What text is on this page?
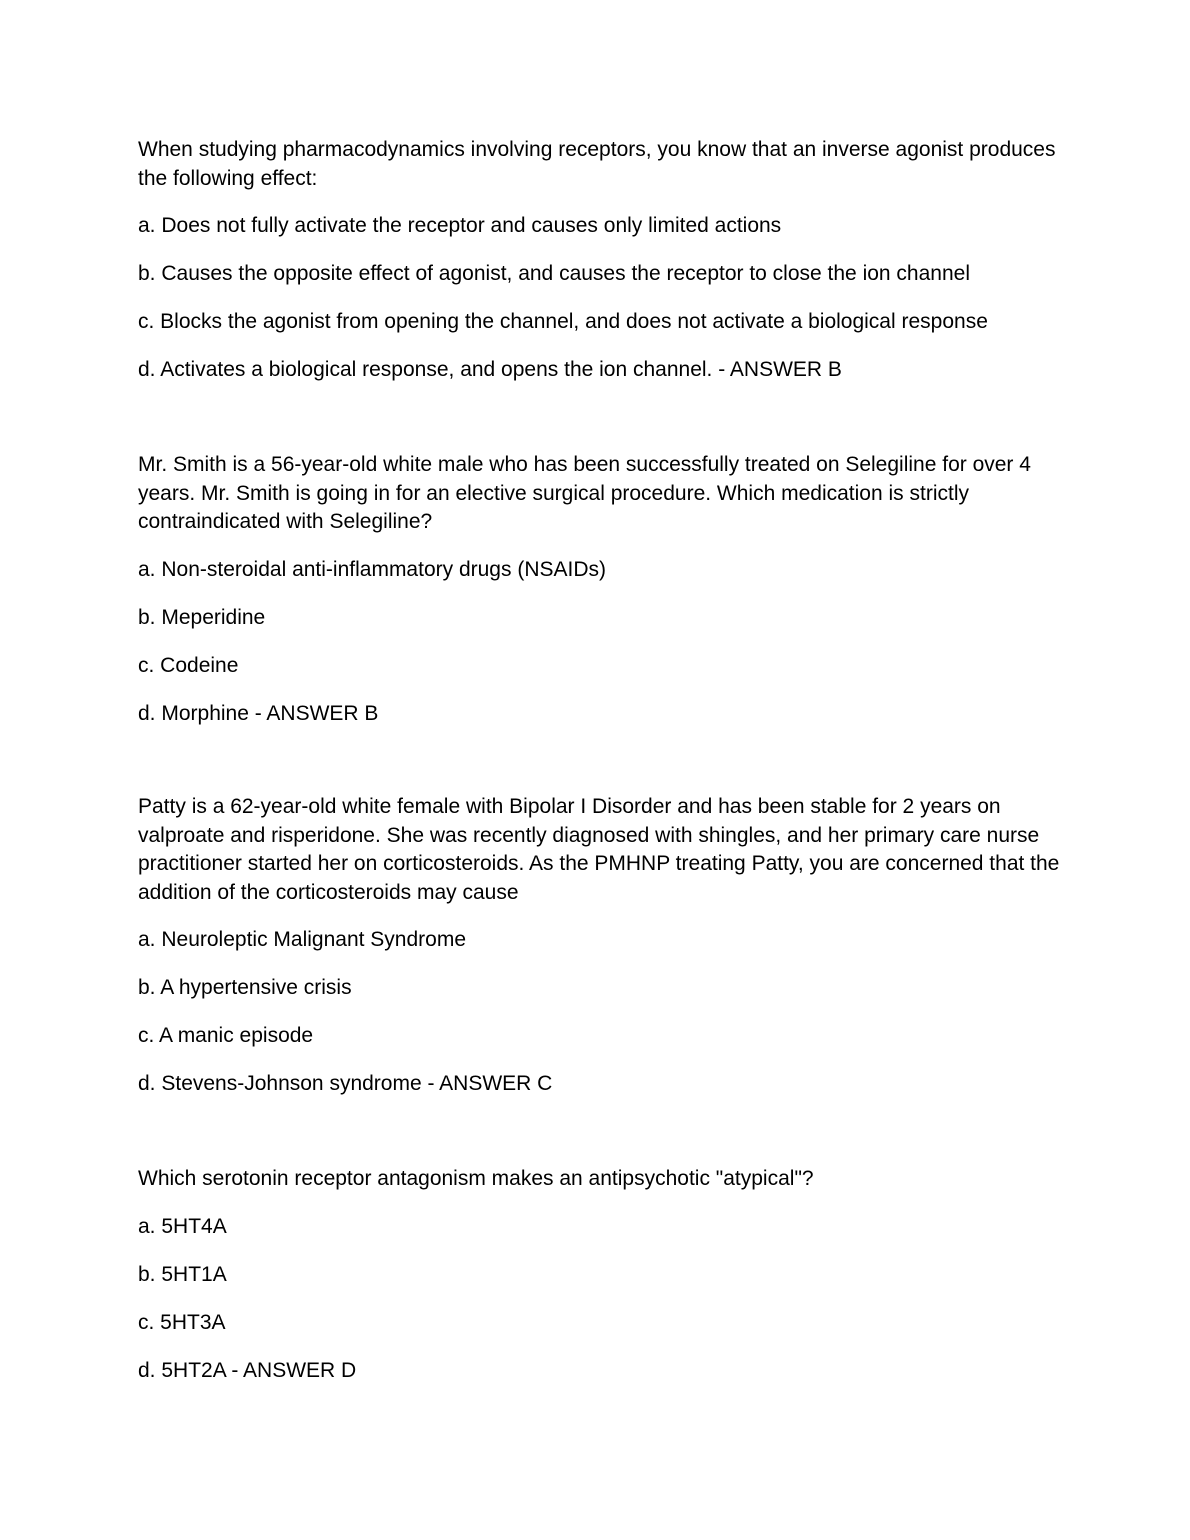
When studying pharmacodynamics involving receptors, you know that an inverse agonist produces the following effect:

a. Does not fully activate the receptor and causes only limited actions

b. Causes the opposite effect of agonist, and causes the receptor to close the ion channel

c. Blocks the agonist from opening the channel, and does not activate a biological response

d. Activates a biological response, and opens the ion channel. - ANSWER B

Mr. Smith is a 56-year-old white male who has been successfully treated on Selegiline for over 4 years. Mr. Smith is going in for an elective surgical procedure. Which medication is strictly contraindicated with Selegiline?

a. Non-steroidal anti-inflammatory drugs (NSAIDs)

b. Meperidine

c. Codeine

d. Morphine - ANSWER B

Patty is a 62-year-old white female with Bipolar I Disorder and has been stable for 2 years on valproate and risperidone. She was recently diagnosed with shingles, and her primary care nurse practitioner started her on corticosteroids. As the PMHNP treating Patty, you are concerned that the addition of the corticosteroids may cause

a. Neuroleptic Malignant Syndrome

b. A hypertensive crisis

c. A manic episode

d. Stevens-Johnson syndrome - ANSWER C

Which serotonin receptor antagonism makes an antipsychotic "atypical"?

a. 5HT4A

b. 5HT1A

c. 5HT3A

d. 5HT2A - ANSWER D
